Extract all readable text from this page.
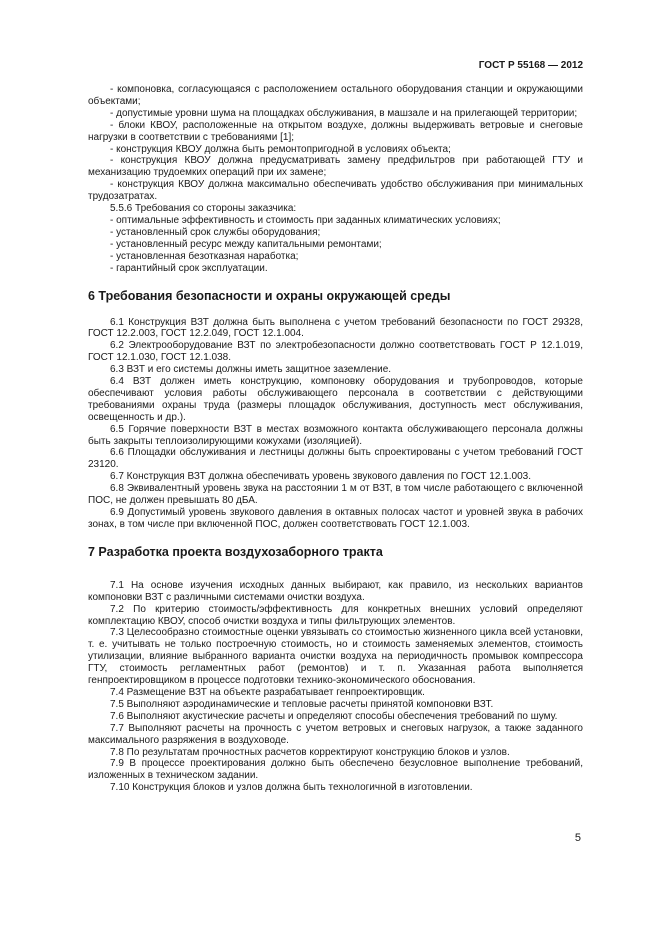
ГОСТ Р 55168 — 2012

- компоновка, согласующаяся с расположением остального оборудования станции и окружающими объектами;

- допустимые уровни шума на площадках обслуживания, в машзале и на прилегающей территории;

- блоки КВОУ, расположенные на открытом воздухе, должны выдерживать ветровые и снеговые нагрузки в соответствии с требованиями [1];

- конструкция КВОУ должна быть ремонтопригодной в условиях объекта;

- конструкция КВОУ должна предусматривать замену предфильтров при работающей ГТУ и механизацию трудоемких операций при их замене;

- конструкция КВОУ должна максимально обеспечивать удобство обслуживания при минимальных трудозатратах.

5.5.6 Требования со стороны заказчика:

- оптимальные эффективность и стоимость при заданных климатических условиях;

- установленный срок службы оборудования;

- установленный ресурс между капитальными ремонтами;

- установленная безотказная наработка;

- гарантийный срок эксплуатации.

6 Требования безопасности и охраны окружающей среды

6.1 Конструкция ВЗТ должна быть выполнена с учетом требований безопасности по ГОСТ 29328, ГОСТ 12.2.003, ГОСТ 12.2.049, ГОСТ 12.1.004.

6.2 Электрооборудование ВЗТ по электробезопасности должно соответствовать ГОСТ Р 12.1.019, ГОСТ 12.1.030, ГОСТ 12.1.038.

6.3 ВЗТ и его системы должны иметь защитное заземление.

6.4 ВЗТ должен иметь конструкцию, компоновку оборудования и трубопроводов, которые обеспечивают условия работы обслуживающего персонала в соответствии с действующими требованиями охраны труда (размеры площадок обслуживания, доступность мест обслуживания, освещенность и др.).

6.5 Горячие поверхности ВЗТ в местах возможного контакта обслуживающего персонала должны быть закрыты теплоизолирующими кожухами (изоляцией).

6.6 Площадки обслуживания и лестницы должны быть спроектированы с учетом требований ГОСТ 23120.

6.7 Конструкция ВЗТ должна обеспечивать уровень звукового давления по ГОСТ 12.1.003.

6.8 Эквивалентный уровень звука на расстоянии 1 м от ВЗТ, в том числе работающего с включенной ПОС, не должен превышать 80 дБА.

6.9 Допустимый уровень звукового давления в октавных полосах частот и уровней звука в рабочих зонах, в том числе при включенной ПОС, должен соответствовать ГОСТ 12.1.003.

7 Разработка проекта воздухозаборного тракта

7.1 На основе изучения исходных данных выбирают, как правило, из нескольких вариантов компоновки ВЗТ с различными системами очистки воздуха.

7.2 По критерию стоимость/эффективность для конкретных внешних условий определяют комплектацию КВОУ, способ очистки воздуха и типы фильтрующих элементов.

7.3 Целесообразно стоимостные оценки увязывать со стоимостью жизненного цикла всей установки, т. е. учитывать не только построечную стоимость, но и стоимость заменяемых элементов, стоимость утилизации, влияние выбранного варианта очистки воздуха на периодичность промывок компрессора ГТУ, стоимость регламентных работ (ремонтов) и т. п. Указанная работа выполняется генпроектировщиком в процессе подготовки технико-экономического обоснования.

7.4 Размещение ВЗТ на объекте разрабатывает генпроектировщик.

7.5 Выполняют аэродинамические и тепловые расчеты принятой компоновки ВЗТ.

7.6 Выполняют акустические расчеты и определяют способы обеспечения требований по шуму.

7.7 Выполняют расчеты на прочность с учетом ветровых и снеговых нагрузок, а также заданного максимального разряжения в воздуховоде.

7.8 По результатам прочностных расчетов корректируют конструкцию блоков и узлов.

7.9 В процессе проектирования должно быть обеспечено безусловное выполнение требований, изложенных в техническом задании.

7.10 Конструкция блоков и узлов должна быть технологичной в изготовлении.

5
